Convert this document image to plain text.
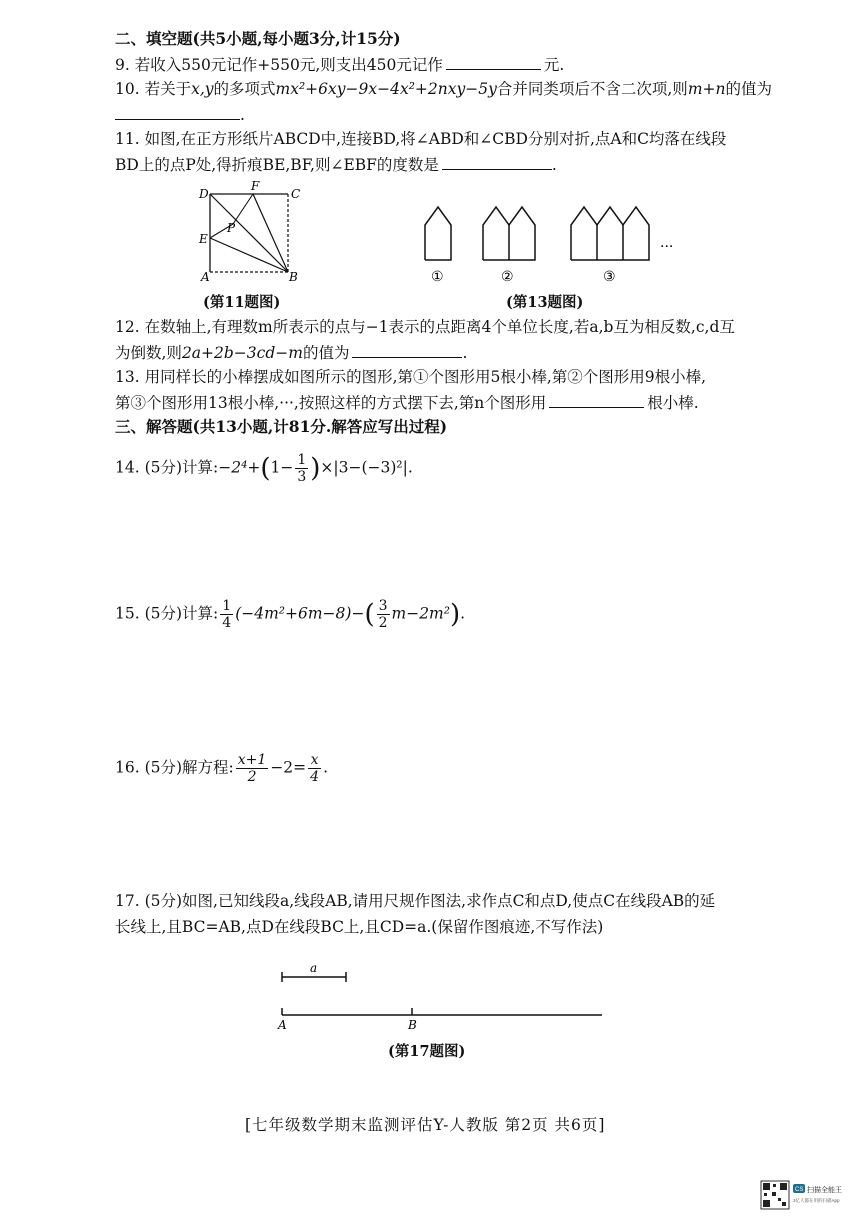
二、填空题(共5小题,每小题3分,计15分)
9. 若收入550元记作+550元,则支出450元记作	元.
10. 若关于x,y的多项式mx²+6xy−9x−4x²+2nxy−5y合并同类项后不含二次项,则m+n的值为
.
11. 如图,在正方形纸片ABCD中,连接BD,将∠ABD和∠CBD分别对折,点A和C均落在线段
BD上的点P处,得折痕BE,BF,则∠EBF的度数是	.
D
F
C
P
E
A	B
(第11题图)
···
①	②	③
(第13题图)
12. 在数轴上,有理数m所表示的点与−1表示的点距离4个单位长度,若a,b互为相反数,c,d互
为倒数,则2a+2b−3cd−m的值为	.
13. 用同样长的小棒摆成如图所示的图形,第①个图形用5根小棒,第②个图形用9根小棒,
第③个图形用13根小棒,···,按照这样的方式摆下去,第n个图形用	根小棒.
三、解答题(共13小题,计81分.解答应写出过程)
14. (5分)计算:−2⁴+(1− $\frac{1}{3} )\times|3-(-3)^2|$.
15. (5分)计算: $\frac{1}{4} (-4m^2+6m-8)-( \frac{3}{2} m-2m^2)$.
16. (5分)解方程: $\frac{x+1}{2} -2= \frac{x}{4}$ .
17. (5分)如图,已知线段a,线段AB,请用尺规作图法,求作点C和点D,使点C在线段AB的延
长线上,且BC=AB,点D在线段BC上,且CD=a.(保留作图痕迹,不写作法)
a
A	B
(第17题图)
[七年级数学期末监测评估Y-人教版 第2页 共6页]
CS 扫描全能王
3亿人都在用的扫描App
